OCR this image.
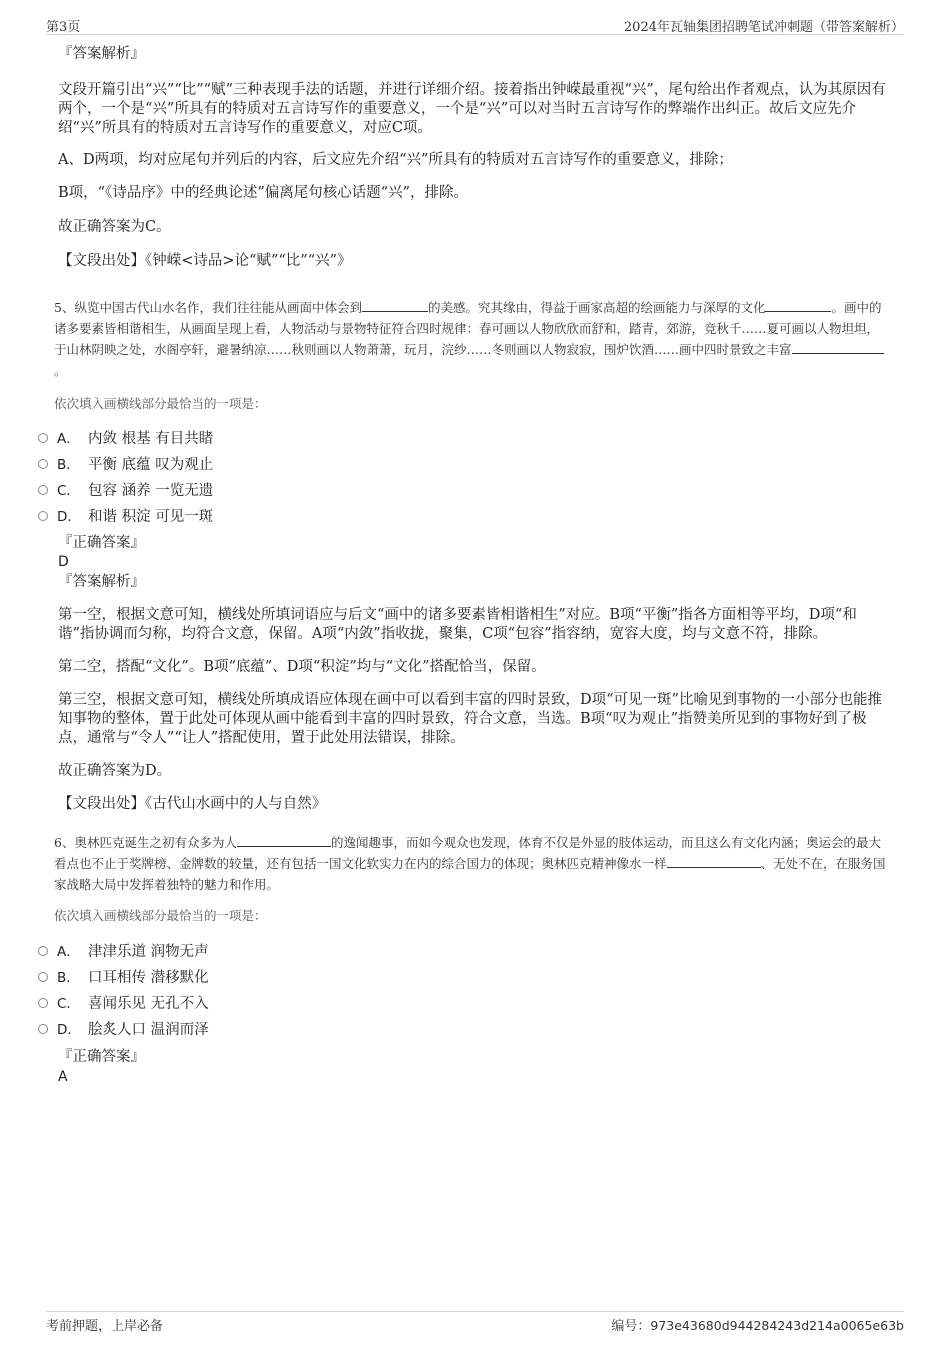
第3页	2024年瓦轴集团招聘笔试冲刺题（带答案解析）
『答案解析』

文段开篇引出“兴”“比”“赋”三种表现手法的话题，并进行详细介绍。接着指出钟嵘最重视“兴”，尾句给出作者观点，认为其原因有两个，一个是“兴”所具有的特质对五言诗写作的重要意义，一个是“兴”可以对当时五言诗写作的弊端作出纠正。故后文应先介绍“兴”所具有的特质对五言诗写作的重要意义，对应C项。

A、D两项，均对应尾句并列后的内容，后文应先介绍“兴”所具有的特质对五言诗写作的重要意义，排除；

B项，“《诗品序》中的经典论述”偏离尾句核心话题“兴”，排除。

故正确答案为C。

【文段出处】《钟嵘<诗品>论“赋”“比”“兴”》

5、纵览中国古代山水名作，我们往往能从画面中体会到	的美感。究其缘由，得益于画家高超的绘画能力与深厚的文化	。画中的诸多要素皆相谐相生，从画面呈现上看，人物活动与景物特征符合四时规律：春可画以人物欣欣而舒和，踏青，郊游，竞秋千……夏可画以人物坦坦，于山林阴映之处，水阁亭轩，避暑纳凉……秋则画以人物萧萧，玩月，浣纱……冬则画以人物寂寂，围炉饮酒……画中四时景致之丰富。
依次填入画横线部分最恰当的一项是：
A． 内敛 根基 有目共睹
B． 平衡 底蕴 叹为观止
C． 包容 涵养 一览无遗
D． 和谐 积淀 可见一斑
『正确答案』
D
『答案解析』

第一空，根据文意可知，横线处所填词语应与后文“画中的诸多要素皆相谐相生”对应。B项“平衡”指各方面相等平均，D项“和谐”指协调而匀称，均符合文意，保留。A项“内敛”指收拢，聚集，C项“包容”指容纳，宽容大度，均与文意不符，排除。

第二空，搭配“文化”。B项“底蕴”、D项“积淀”均与“文化”搭配恰当，保留。

第三空，根据文意可知，横线处所填成语应体现在画中可以看到丰富的四时景致，D项“可见一斑”比喻见到事物的一小部分也能推知事物的整体，置于此处可体现从画中能看到丰富的四时景致，符合文意，当选。B项“叹为观止”指赞美所见到的事物好到了极点，通常与“令人”“让人”搭配使用，置于此处用法错误，排除。

故正确答案为D。

【文段出处】《古代山水画中的人与自然》

6、奥林匹克诞生之初有众多为人	的逸闻趣事，而如今观众也发现，体育不仅是外显的肢体运动，而且这么有文化内涵；奥运会的最大看点也不止于奖牌榜、金牌数的较量，还有包括一国文化软实力在内的综合国力的体现；奥林匹克精神像水一样	、无处不在，在服务国家战略大局中发挥着独特的魅力和作用。
依次填入画横线部分最恰当的一项是：
A． 津津乐道 润物无声
B． 口耳相传 潜移默化
C． 喜闻乐见 无孔不入
D． 脍炙人口 温润而泽
『正确答案』
A
考前押题，上岸必备	编号：973e43680d944284243d214a0065e63b
